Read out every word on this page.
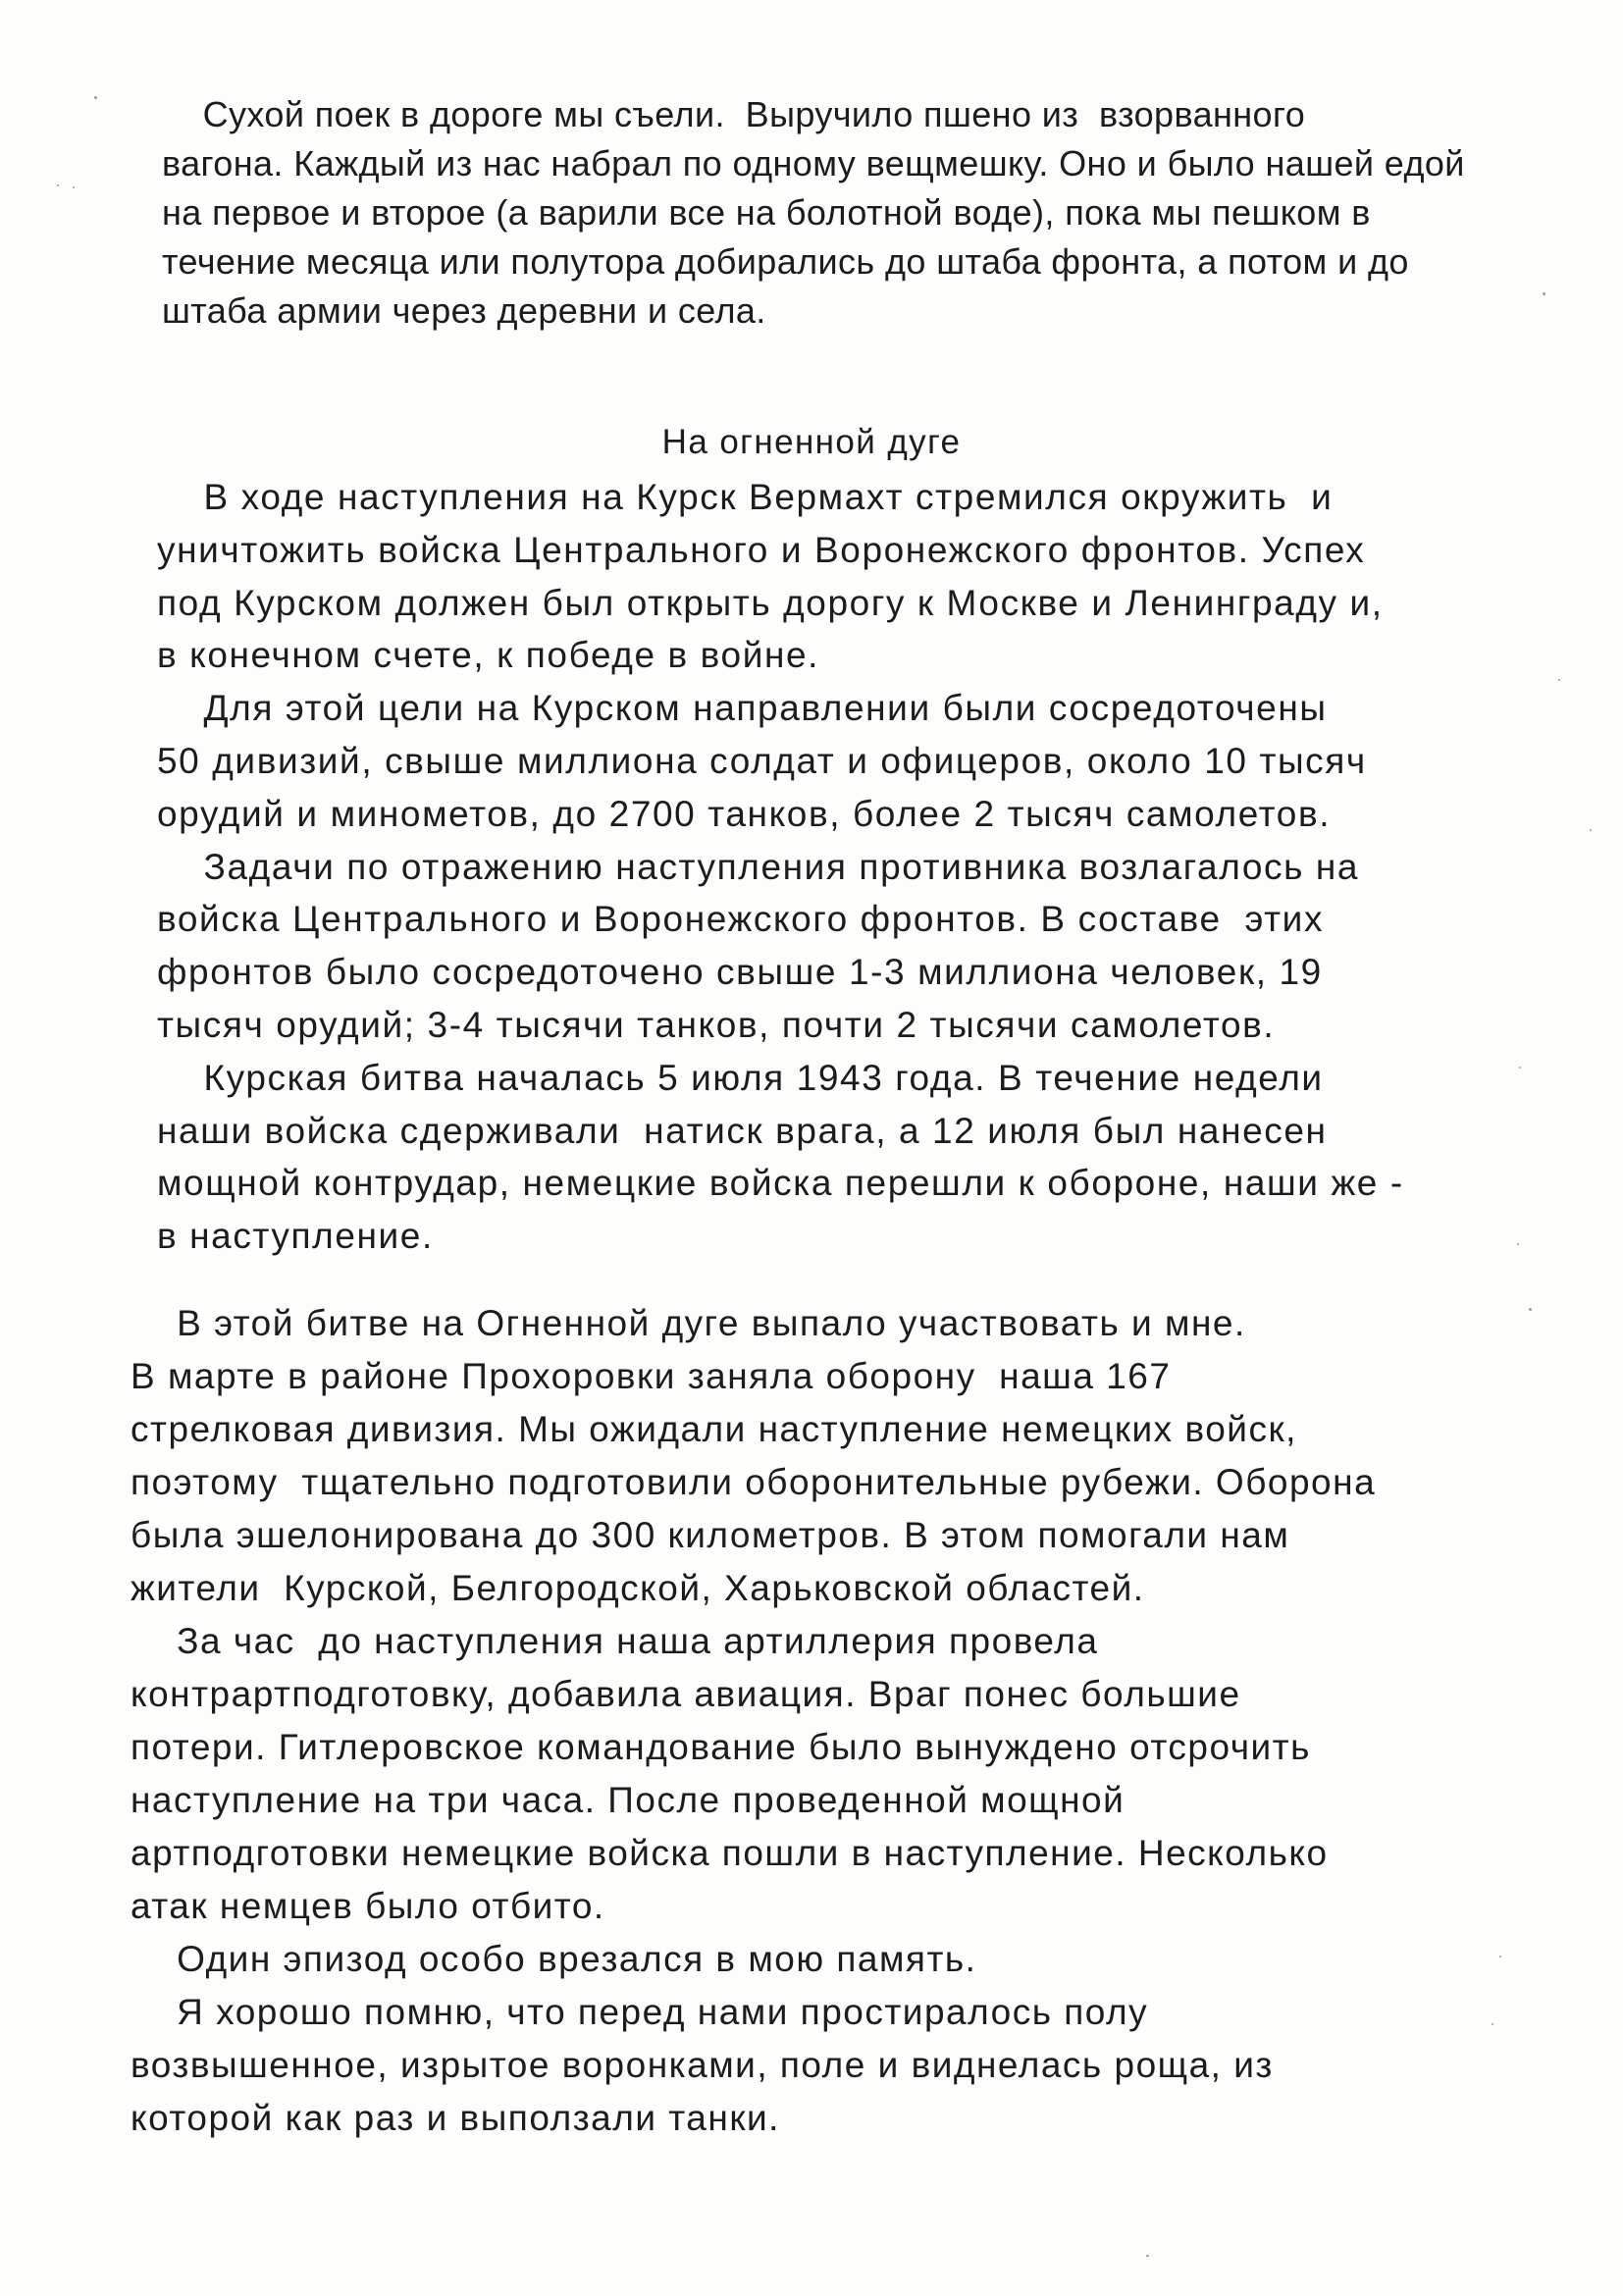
Сухой поек в дороге мы съели.  Выручило пшено из  взорванного
вагона. Каждый из нас набрал по одному вещмешку. Оно и было нашей едой
на первое и второе (а варили все на болотной воде), пока мы пешком в
течение месяца или полутора добирались до штаба фронта, а потом и до
штаба армии через деревни и села.
На огненной дуге
В ходе наступления на Курск Вермахт стремился окружить  и
уничтожить войска Центрального и Воронежского фронтов. Успех
под Курском должен был открыть дорогу к Москве и Ленинграду и,
в конечном счете, к победе в войне.
Для этой цели на Курском направлении были сосредоточены
50 дивизий, свыше миллиона солдат и офицеров, около 10 тысяч
орудий и минометов, до 2700 танков, более 2 тысяч самолетов.
Задачи по отражению наступления противника возлагалось на
войска Центрального и Воронежского фронтов. В составе  этих
фронтов было сосредоточено свыше 1-3 миллиона человек, 19
тысяч орудий; 3-4 тысячи танков, почти 2 тысячи самолетов.
Курская битва началась 5 июля 1943 года. В течение недели
наши войска сдерживали  натиск врага, а 12 июля был нанесен
мощной контрудар, немецкие войска перешли к обороне, наши же -
в наступление.
В этой битве на Огненной дуге выпало участвовать и мне.
В марте в районе Прохоровки заняла оборону  наша 167
стрелковая дивизия. Мы ожидали наступление немецких войск,
поэтому  тщательно подготовили оборонительные рубежи. Оборона
была эшелонирована до 300 километров. В этом помогали нам
жители  Курской, Белгородской, Харьковской областей.
За час  до наступления наша артиллерия провела
контрартподготовку, добавила авиация. Враг понес большие
потери. Гитлеровское командование было вынуждено отсрочить
наступление на три часа. После проведенной мощной
артподготовки немецкие войска пошли в наступление. Несколько
атак немцев было отбито.
Один эпизод особо врезался в мою память.
Я хорошо помню, что перед нами простиралось полу
возвышенное, изрытое воронками, поле и виднелась роща, из
которой как раз и выползали танки.
